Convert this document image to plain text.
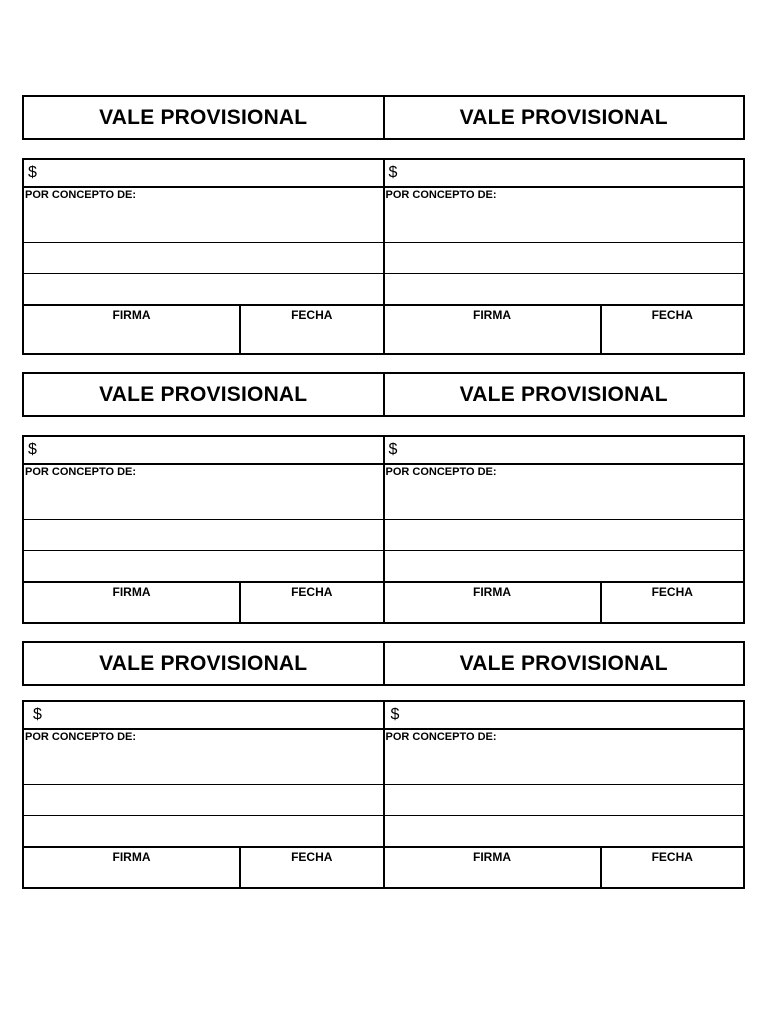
VALE PROVISIONAL	VALE PROVISIONAL
$
POR CONCEPTO DE:
FIRMA	FECHA
$
POR CONCEPTO DE:
FIRMA	FECHA
VALE PROVISIONAL	VALE PROVISIONAL
$
POR CONCEPTO DE:
FIRMA	FECHA
$
POR CONCEPTO DE:
FIRMA	FECHA
VALE PROVISIONAL	VALE PROVISIONAL
$
POR CONCEPTO DE:
FIRMA	FECHA
$
POR CONCEPTO DE:
FIRMA	FECHA
